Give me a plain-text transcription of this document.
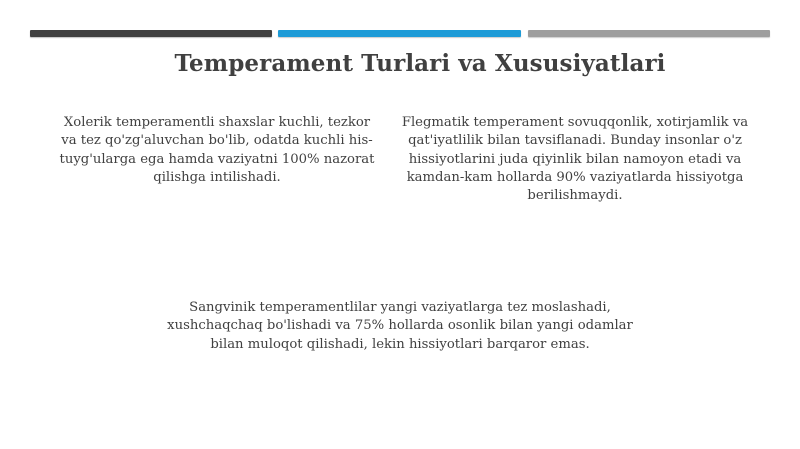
Temperament Turlari va Xususiyatlari

Xolerik temperamentli shaxslar kuchli, tezkor va tez qo'zg'aluvchan bo'lib, odatda kuchli his-tuyg'ularga ega hamda vaziyatni 100% nazorat qilishga intilishadi.

Flegmatik temperament sovuqqonlik, xotirjamlik va qat'iyatlilik bilan tavsiflanadi. Bunday insonlar o'z hissiyotlarini juda qiyinlik bilan namoyon etadi va kamdan-kam hollarda 90% vaziyatlarda hissiyotga berilishmaydi.

Sangvinik temperamentlilar yangi vaziyatlarga tez moslashadi, xushchaqchaq bo'lishadi va 75% hollarda osonlik bilan yangi odamlar bilan muloqot qilishadi, lekin hissiyotlari barqaror emas.
